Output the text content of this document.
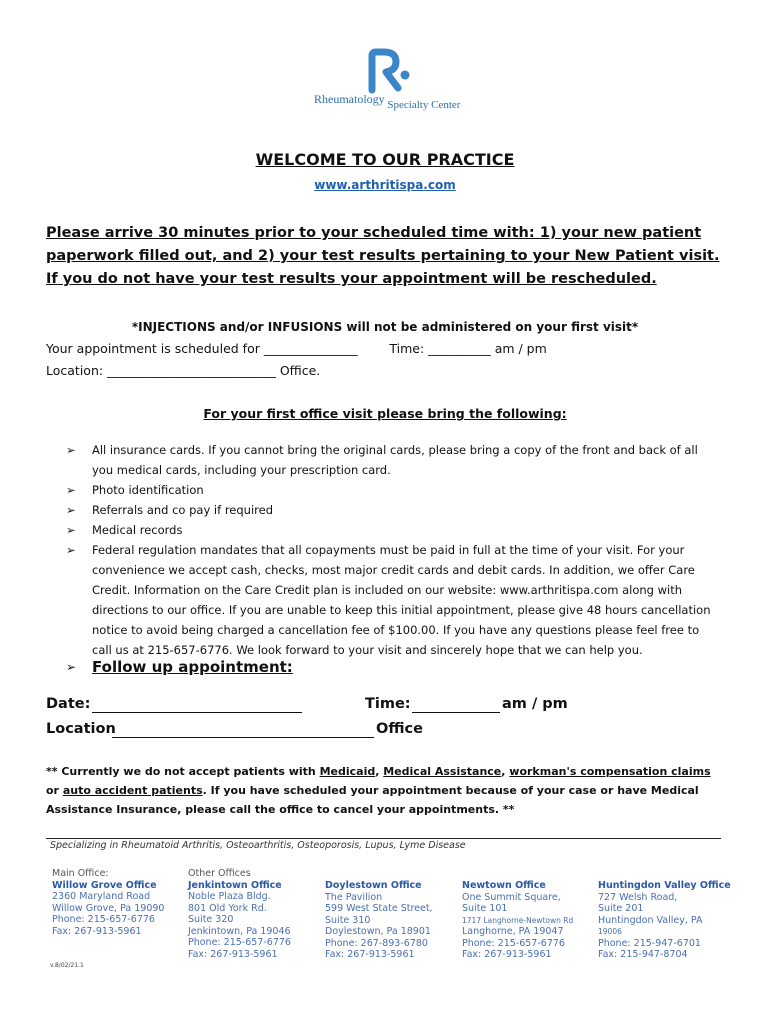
Rheumatology Specialty Center
WELCOME TO OUR PRACTICE
www.arthritispa.com
Please arrive 30 minutes prior to your scheduled time with: 1) your new patient paperwork filled out, and 2) your test results pertaining to your New Patient visit. If you do not have your test results your appointment will be rescheduled.
*INJECTIONS and/or INFUSIONS will not be administered on your first visit*
Your appointment is scheduled for _______________	Time: __________ am / pm
Location: ___________________________ Office.
For your first office visit please bring the following:
➢	All insurance cards. If you cannot bring the original cards, please bring a copy of the front and back of all you medical cards, including your prescription card.
➢	Photo identification
➢	Referrals and co pay if required
➢	Medical records
➢	Federal regulation mandates that all copayments must be paid in full at the time of your visit. For your convenience we accept cash, checks, most major credit cards and debit cards. In addition, we offer Care Credit. Information on the Care Credit plan is included on our website: www.arthritispa.com along with directions to our office. If you are unable to keep this initial appointment, please give 48 hours cancellation notice to avoid being charged a cancellation fee of $100.00. If you have any questions please feel free to call us at 215-657-6776. We look forward to your visit and sincerely hope that we can help you.
➢	Follow up appointment:
Date:	Time:	am / pm
Location	Office
** Currently we do not accept patients with Medicaid, Medical Assistance, workman's compensation claims or auto accident patients. If you have scheduled your appointment because of your case or have Medical Assistance Insurance, please call the office to cancel your appointments. **
Specializing in Rheumatoid Arthritis, Osteoarthritis, Osteoporosis, Lupus, Lyme Disease
Main Office:
Willow Grove Office
2360 Maryland Road
Willow Grove, Pa 19090
Phone: 215-657-6776
Fax: 267-913-5961
Other Offices
Jenkintown Office
Noble Plaza Bldg.
801 Old York Rd.
Suite 320
Jenkintown, Pa 19046
Phone: 215-657-6776
Fax: 267-913-5961
Doylestown Office
The Pavilion
599 West State Street,
Suite 310
Doylestown, Pa 18901
Phone: 267-893-6780
Fax: 267-913-5961
Newtown Office
One Summit Square,
Suite 101
1717 Langhorne-Newtown Rd
Langhorne, PA 19047
Phone: 215-657-6776
Fax: 267-913-5961
Huntingdon Valley Office
727 Welsh Road,
Suite 201
Huntingdon Valley, PA
19006
Phone: 215-947-6701
Fax: 215-947-8704
v.8/02/21.1
